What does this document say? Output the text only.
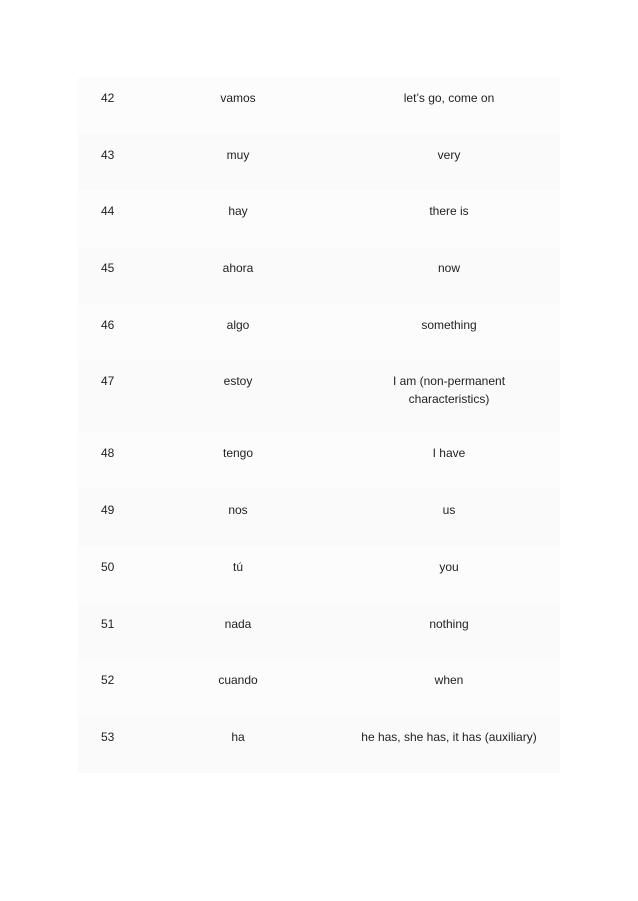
42	vamos	let’s go, come on
43	muy	very
44	hay	there is
45	ahora	now
46	algo	something
47	estoy	I am (non-permanent characteristics)
48	tengo	I have
49	nos	us
50	tú	you
51	nada	nothing
52	cuando	when
53	ha	he has, she has, it has (auxiliary)
